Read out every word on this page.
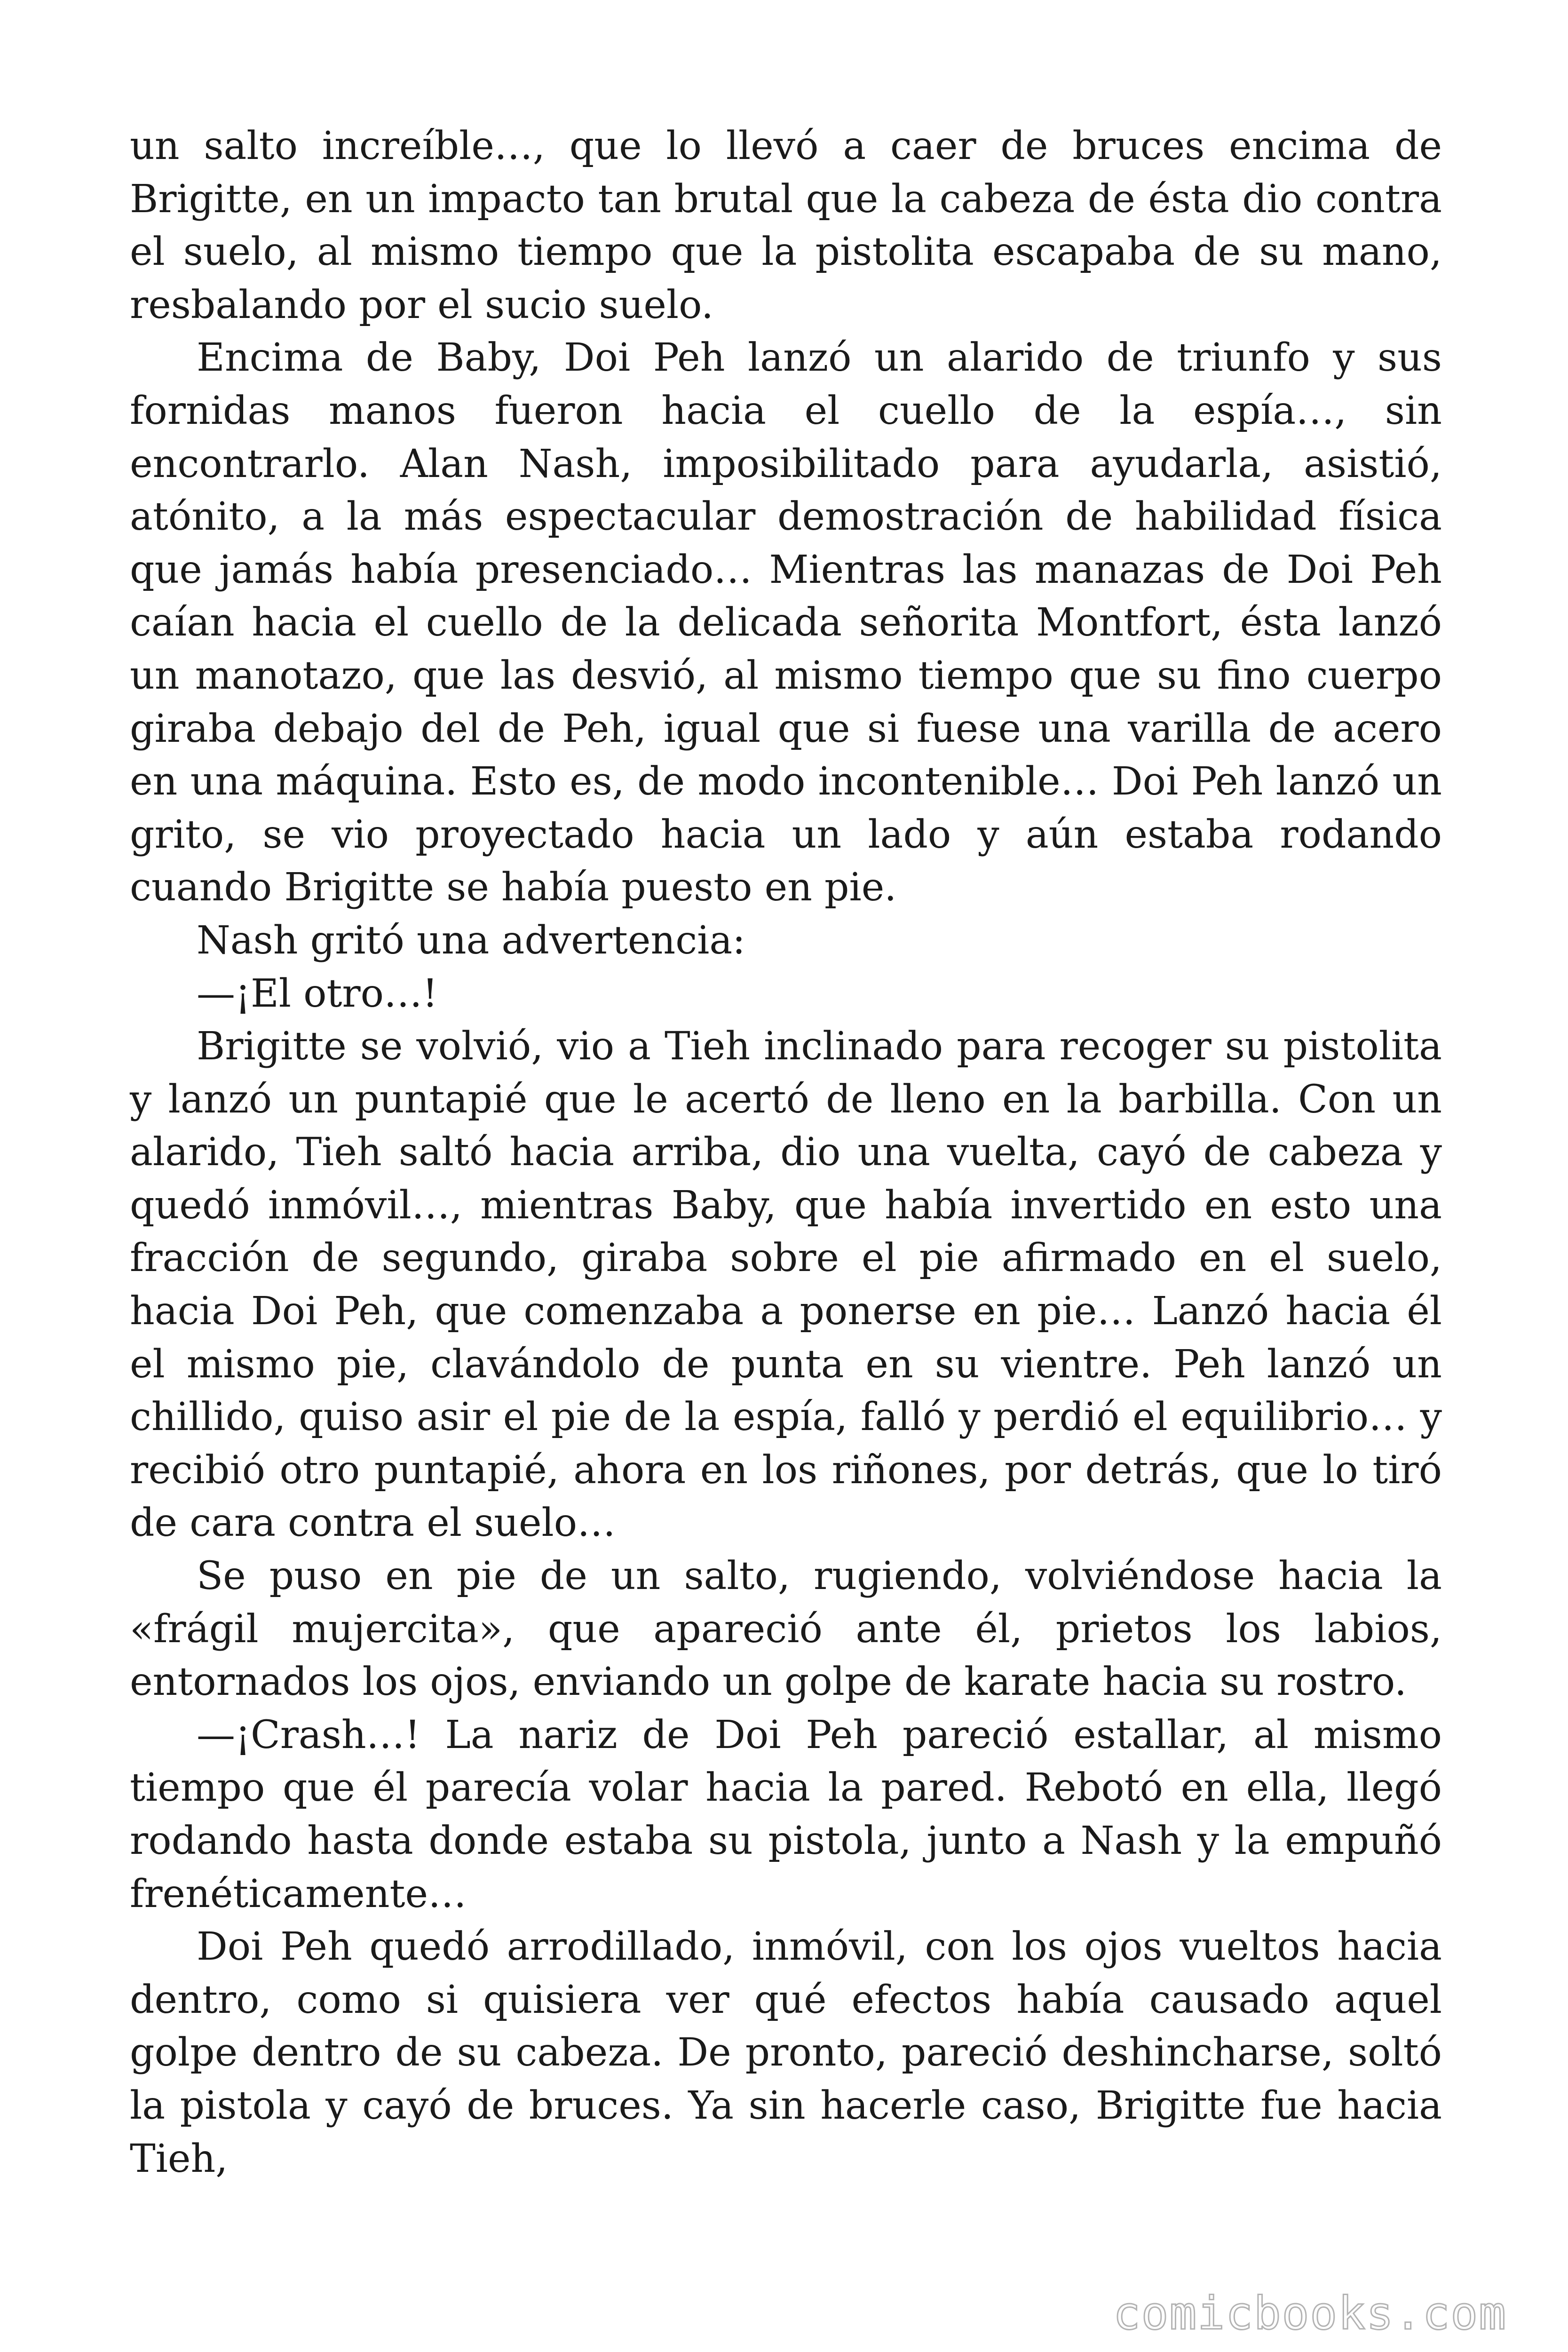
un salto increíble…, que lo llevó a caer de bruces encima de Brigitte, en un impacto tan brutal que la cabeza de ésta dio contra el suelo, al mismo tiempo que la pistolita escapaba de su mano, resbalando por el sucio suelo.

Encima de Baby, Doi Peh lanzó un alarido de triunfo y sus fornidas manos fueron hacia el cuello de la espía…, sin encontrarlo. Alan Nash, imposibilitado para ayudarla, asistió, atónito, a la más espectacular demostración de habilidad física que jamás había presenciado… Mientras las manazas de Doi Peh caían hacia el cuello de la delicada señorita Montfort, ésta lanzó un manotazo, que las desvió, al mismo tiempo que su fino cuerpo giraba debajo del de Peh, igual que si fuese una varilla de acero en una máquina. Esto es, de modo incontenible… Doi Peh lanzó un grito, se vio proyectado hacia un lado y aún estaba rodando cuando Brigitte se había puesto en pie.

Nash gritó una advertencia:

—¡El otro…!

Brigitte se volvió, vio a Tieh inclinado para recoger su pistolita y lanzó un puntapié que le acertó de lleno en la barbilla. Con un alarido, Tieh saltó hacia arriba, dio una vuelta, cayó de cabeza y quedó inmóvil…, mientras Baby, que había invertido en esto una fracción de segundo, giraba sobre el pie afirmado en el suelo, hacia Doi Peh, que comenzaba a ponerse en pie… Lanzó hacia él el mismo pie, clavándolo de punta en su vientre. Peh lanzó un chillido, quiso asir el pie de la espía, falló y perdió el equilibrio… y recibió otro puntapié, ahora en los riñones, por detrás, que lo tiró de cara contra el suelo…

Se puso en pie de un salto, rugiendo, volviéndose hacia la «frágil mujercita», que apareció ante él, prietos los labios, entornados los ojos, enviando un golpe de karate hacia su rostro.

—¡Crash…! La nariz de Doi Peh pareció estallar, al mismo tiempo que él parecía volar hacia la pared. Rebotó en ella, llegó rodando hasta donde estaba su pistola, junto a Nash y la empuñó frenéticamente…

Doi Peh quedó arrodillado, inmóvil, con los ojos vueltos hacia dentro, como si quisiera ver qué efectos había causado aquel golpe dentro de su cabeza. De pronto, pareció deshincharse, soltó la pistola y cayó de bruces. Ya sin hacerle caso, Brigitte fue hacia Tieh,

comicbooks.com
